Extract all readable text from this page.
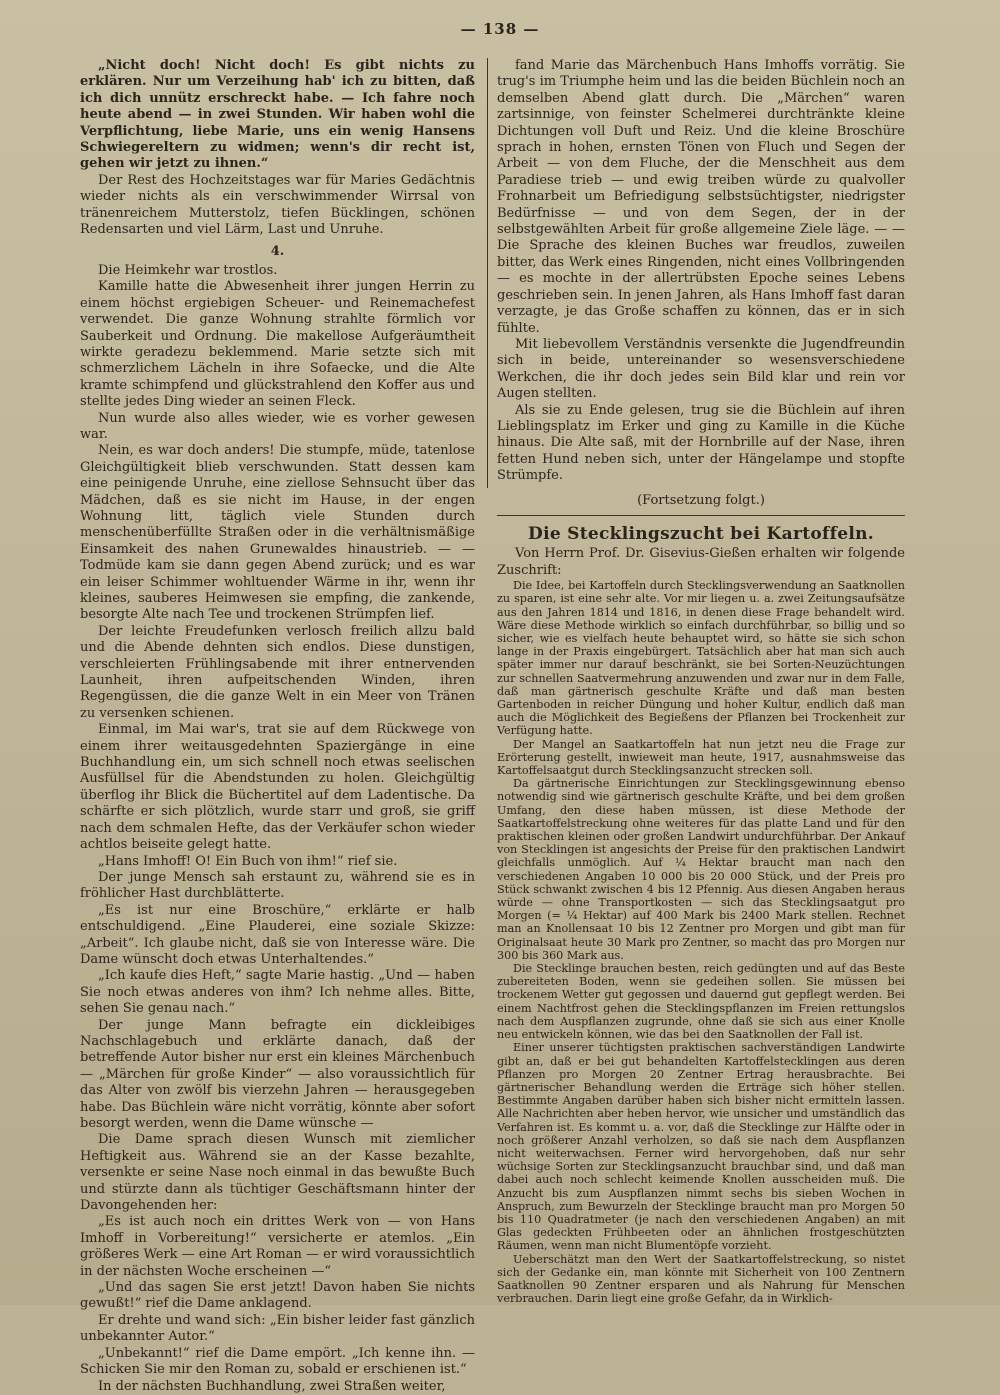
— 138 —

„Nicht doch! Nicht doch! Es gibt nichts zu erklären. Nur um Verzeihung hab' ich zu bitten, daß ich dich unnütz erschreckt habe. — Ich fahre noch heute abend — in zwei Stunden. Wir haben wohl die Verpflichtung, liebe Marie, uns ein wenig Hansens Schwiegereltern zu widmen; wenn's dir recht ist, gehen wir jetzt zu ihnen.“

Der Rest des Hochzeitstages war für Maries Gedächtnis wieder nichts als ein verschwimmender Wirrsal von tränenreichem Mutterstolz, tiefen Bücklingen, schönen Redensarten und viel Lärm, Last und Unruhe.

4.

Die Heimkehr war trostlos.

Kamille hatte die Abwesenheit ihrer jungen Herrin zu einem höchst ergiebigen Scheuer- und Reinemachefest verwendet. Die ganze Wohnung strahlte förmlich vor Sauberkeit und Ordnung. Die makellose Aufgeräumtheit wirkte geradezu beklemmend. Marie setzte sich mit schmerzlichem Lächeln in ihre Sofaecke, und die Alte kramte schimpfend und glückstrahlend den Koffer aus und stellte jedes Ding wieder an seinen Fleck.

Nun wurde also alles wieder, wie es vorher gewesen war.

Nein, es war doch anders! Die stumpfe, müde, tatenlose Gleichgültigkeit blieb verschwunden. Statt dessen kam eine peinigende Unruhe, eine ziellose Sehnsucht über das Mädchen, daß es sie nicht im Hause, in der engen Wohnung litt, täglich viele Stunden durch menschenüberfüllte Straßen oder in die verhältnismäßige Einsamkeit des nahen Grunewaldes hinaustrieb. — — Todmüde kam sie dann gegen Abend zurück; und es war ein leiser Schimmer wohltuender Wärme in ihr, wenn ihr kleines, sauberes Heimwesen sie empfing, die zankende, besorgte Alte nach Tee und trockenen Strümpfen lief.

Der leichte Freudefunken verlosch freilich allzu bald und die Abende dehnten sich endlos. Diese dunstigen, verschleierten Frühlingsabende mit ihrer entnervenden Launheit, ihren aufpeitschenden Winden, ihren Regengüssen, die die ganze Welt in ein Meer von Tränen zu versenken schienen.

Einmal, im Mai war's, trat sie auf dem Rückwege von einem ihrer weitausgedehnten Spaziergänge in eine Buchhandlung ein, um sich schnell noch etwas seelischen Ausfüllsel für die Abendstunden zu holen. Gleichgültig überflog ihr Blick die Büchertitel auf dem Ladentische. Da schärfte er sich plötzlich, wurde starr und groß, sie griff nach dem schmalen Hefte, das der Verkäufer schon wieder achtlos beiseite gelegt hatte.

„Hans Imhoff! O! Ein Buch von ihm!“ rief sie.

Der junge Mensch sah erstaunt zu, während sie es in fröhlicher Hast durchblätterte.

„Es ist nur eine Broschüre,“ erklärte er halb entschuldigend. „Eine Plauderei, eine soziale Skizze: „Arbeit“. Ich glaube nicht, daß sie von Interesse wäre. Die Dame wünscht doch etwas Unterhaltendes.“

„Ich kaufe dies Heft,“ sagte Marie hastig. „Und — haben Sie noch etwas anderes von ihm? Ich nehme alles. Bitte, sehen Sie genau nach.“

Der junge Mann befragte ein dickleibiges Nachschlagebuch und erklärte danach, daß der betreffende Autor bisher nur erst ein kleines Märchenbuch — „Märchen für große Kinder“ — also voraussichtlich für das Alter von zwölf bis vierzehn Jahren — herausgegeben habe. Das Büchlein wäre nicht vorrätig, könnte aber sofort besorgt werden, wenn die Dame wünsche —

Die Dame sprach diesen Wunsch mit ziemlicher Heftigkeit aus. Während sie an der Kasse bezahlte, versenkte er seine Nase noch einmal in das bewußte Buch und stürzte dann als tüchtiger Geschäftsmann hinter der Davongehenden her:

„Es ist auch noch ein drittes Werk von — von Hans Imhoff in Vorbereitung!“ versicherte er atemlos. „Ein größeres Werk — eine Art Roman — er wird voraussichtlich in der nächsten Woche erscheinen —“

„Und das sagen Sie erst jetzt! Davon haben Sie nichts gewußt!“ rief die Dame anklagend.

Er drehte und wand sich: „Ein bisher leider fast gänzlich unbekannter Autor.“

„Unbekannt!“ rief die Dame empört. „Ich kenne ihn. — Schicken Sie mir den Roman zu, sobald er erschienen ist.“

In der nächsten Buchhandlung, zwei Straßen weiter,

fand Marie das Märchenbuch Hans Imhoffs vorrätig. Sie trug's im Triumphe heim und las die beiden Büchlein noch an demselben Abend glatt durch. Die „Märchen“ waren zartsinnige, von feinster Schelmerei durchtränkte kleine Dichtungen voll Duft und Reiz. Und die kleine Broschüre sprach in hohen, ernsten Tönen von Fluch und Segen der Arbeit — von dem Fluche, der die Menschheit aus dem Paradiese trieb — und ewig treiben würde zu qualvoller Frohnarbeit um Befriedigung selbstsüchtigster, niedrigster Bedürfnisse — und von dem Segen, der in der selbstgewählten Arbeit für große allgemeine Ziele läge. — — Die Sprache des kleinen Buches war freudlos, zuweilen bitter, das Werk eines Ringenden, nicht eines Vollbringenden — es mochte in der allertrübsten Epoche seines Lebens geschrieben sein. In jenen Jahren, als Hans Imhoff fast daran verzagte, je das Große schaffen zu können, das er in sich fühlte.

Mit liebevollem Verständnis versenkte die Jugendfreundin sich in beide, untereinander so wesensverschiedene Werkchen, die ihr doch jedes sein Bild klar und rein vor Augen stellten.

Als sie zu Ende gelesen, trug sie die Büchlein auf ihren Lieblingsplatz im Erker und ging zu Kamille in die Küche hinaus. Die Alte saß, mit der Hornbrille auf der Nase, ihren fetten Hund neben sich, unter der Hängelampe und stopfte Strümpfe.

(Fortsetzung folgt.)
Die Stecklingszucht bei Kartoffeln.

Von Herrn Prof. Dr. Gisevius-Gießen erhalten wir folgende Zuschrift:

Die Idee, bei Kartoffeln durch Stecklingsverwendung an Saatknollen zu sparen, ist eine sehr alte. Vor mir liegen u. a. zwei Zeitungsaufsätze aus den Jahren 1814 und 1816, in denen diese Frage behandelt wird. Wäre diese Methode wirklich so einfach durchführbar, so billig und so sicher, wie es vielfach heute behauptet wird, so hätte sie sich schon lange in der Praxis eingebürgert. Tatsächlich aber hat man sich auch später immer nur darauf beschränkt, sie bei Sorten-Neuzüchtungen zur schnellen Saatvermehrung anzuwenden und zwar nur in dem Falle, daß man gärtnerisch geschulte Kräfte und daß man besten Gartenboden in reicher Düngung und hoher Kultur, endlich daß man auch die Möglichkeit des Begießens der Pflanzen bei Trockenheit zur Verfügung hatte.

Der Mangel an Saatkartoffeln hat nun jetzt neu die Frage zur Erörterung gestellt, inwieweit man heute, 1917, ausnahmsweise das Kartoffelsaatgut durch Stecklingsanzucht strecken soll.

Da gärtnerische Einrichtungen zur Stecklingsgewinnung ebenso notwendig sind wie gärtnerisch geschulte Kräfte, und bei dem großen Umfang, den diese haben müssen, ist diese Methode der Saatkartoffelstreckung ohne weiteres für das platte Land und für den praktischen kleinen oder großen Landwirt undurchführbar. Der Ankauf von Stecklingen ist angesichts der Preise für den praktischen Landwirt gleichfalls unmöglich. Auf ¼ Hektar braucht man nach den verschiedenen Angaben 10 000 bis 20 000 Stück, und der Preis pro Stück schwankt zwischen 4 bis 12 Pfennig. Aus diesen Angaben heraus würde — ohne Transportkosten — sich das Stecklingsaatgut pro Morgen (= ¼ Hektar) auf 400 Mark bis 2400 Mark stellen. Rechnet man an Knollensaat 10 bis 12 Zentner pro Morgen und gibt man für Originalsaat heute 30 Mark pro Zentner, so macht das pro Morgen nur 300 bis 360 Mark aus.

Die Stecklinge brauchen besten, reich gedüngten und auf das Beste zubereiteten Boden, wenn sie gedeihen sollen. Sie müssen bei trockenem Wetter gut gegossen und dauernd gut gepflegt werden. Bei einem Nachtfrost gehen die Stecklingspflanzen im Freien rettungslos nach dem Auspflanzen zugrunde, ohne daß sie sich aus einer Knolle neu entwickeln können, wie das bei den Saatknollen der Fall ist.

Einer unserer tüchtigsten praktischen sachverständigen Landwirte gibt an, daß er bei gut behandelten Kartoffelstecklingen aus deren Pflanzen pro Morgen 20 Zentner Ertrag herausbrachte. Bei gärtnerischer Behandlung werden die Erträge sich höher stellen. Bestimmte Angaben darüber haben sich bisher nicht ermitteln lassen. Alle Nachrichten aber heben hervor, wie unsicher und umständlich das Verfahren ist. Es kommt u. a. vor, daß die Stecklinge zur Hälfte oder in noch größerer Anzahl verholzen, so daß sie nach dem Auspflanzen nicht weiterwachsen. Ferner wird hervorgehoben, daß nur sehr wüchsige Sorten zur Stecklingsanzucht brauchbar sind, und daß man dabei auch noch schlecht keimende Knollen ausscheiden muß. Die Anzucht bis zum Auspflanzen nimmt sechs bis sieben Wochen in Anspruch, zum Bewurzeln der Stecklinge braucht man pro Morgen 50 bis 110 Quadratmeter (je nach den verschiedenen Angaben) an mit Glas gedeckten Frühbeeten oder an ähnlichen frostgeschützten Räumen, wenn man nicht Blumentöpfe vorzieht.

Ueberschätzt man den Wert der Saatkartoffelstreckung, so nistet sich der Gedanke ein, man könnte mit Sicherheit von 100 Zentnern Saatknollen 90 Zentner ersparen und als Nahrung für Menschen verbrauchen. Darin liegt eine große Gefahr, da in Wirklich-
